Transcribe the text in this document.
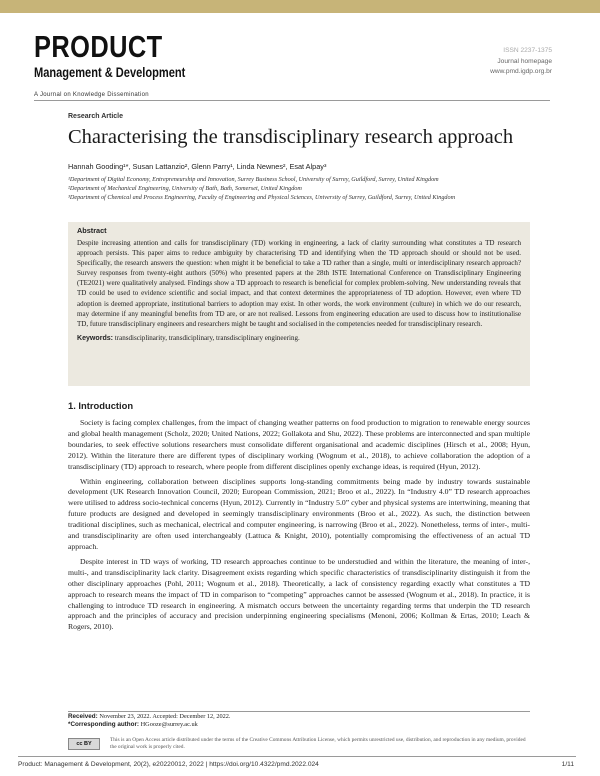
PRODUCT
Management & Development
A Journal on Knowledge Dissemination
ISSN 2237-1375
Journal homepage
www.pmd.igdp.org.br
Research Article
Characterising the transdisciplinary research approach
Hannah Gooding¹*, Susan Lattanzio², Glenn Parry¹, Linda Newnes², Esat Alpay³
¹Department of Digital Economy, Entrepreneurship and Innovation, Surrey Business School, University of Surrey, Guildford, Surrey, United Kingdom
²Department of Mechanical Engineering, University of Bath, Bath, Somerset, United Kingdom
³Department of Chemical and Process Engineering, Faculty of Engineering and Physical Sciences, University of Surrey, Guildford, Surrey, United Kingdom
Abstract
Despite increasing attention and calls for transdisciplinary (TD) working in engineering, a lack of clarity surrounding what constitutes a TD research approach persists. This paper aims to reduce ambiguity by characterising TD and identifying when the TD approach should or should not be used. Specifically, the research answers the question: when might it be beneficial to take a TD rather than a single, multi or interdisciplinary research approach? Survey responses from twenty-eight authors (50%) who presented papers at the 28th ISTE International Conference on Transdisciplinary Engineering (TE2021) were qualitatively analysed. Findings show a TD approach to research is beneficial for complex problem-solving. New understanding reveals that TD could be used to evidence scientific and social impact, and that context determines the appropriateness of TD adoption. However, even where TD adoption is deemed appropriate, institutional barriers to adoption may exist. In other words, the work environment (culture) in which we do our research, may determine if any meaningful benefits from TD are, or are not realised. Lessons from engineering education are used to discuss how to institutionalise TD, future transdisciplinary engineers and researchers might be taught and socialised in the competencies needed for transdisciplinary research.
Keywords: transdisciplinarity, transdiciplinary, transdisciplinary engineering.
1. Introduction

Society is facing complex challenges, from the impact of changing weather patterns on food production to migration to renewable energy sources and global health management (Scholz, 2020; United Nations, 2022; Gollakota and Shu, 2022). These problems are interconnected and span multiple boundaries, to seek effective solutions researchers must consolidate different organisational and academic disciplines (Hirsch et al., 2008; Hyun, 2012). Within the literature there are different types of disciplinary working (Wognum et al., 2018), to achieve collaboration the adoption of a transdisciplinary (TD) approach to research, where people from different disciplines openly exchange ideas, is required (Hyun, 2012).

Within engineering, collaboration between disciplines supports long-standing commitments being made by industry towards sustainable development (UK Research Innovation Council, 2020; European Commission, 2021; Broo et al., 2022). In “Industry 4.0” TD research approaches were utilised to address socio-technical concerns (Hyun, 2012). Currently in “Industry 5.0” cyber and physical systems are intertwining, meaning that future products are designed and developed in seemingly transdisciplinary environments (Broo et al., 2022). As such, the distinction between traditional disciplines, such as mechanical, electrical and computer engineering, is narrowing (Broo et al., 2022). Nonetheless, terms of inter-, multi- and transdisciplinarity are often used interchangeably (Lattuca & Knight, 2010), potentially compromising the effectiveness of an actual TD approach.

Despite interest in TD ways of working, TD research approaches continue to be understudied and within the literature, the meaning of inter-, multi-, and transdisciplinarity lack clarity. Disagreement exists regarding which specific characteristics of transdisciplinarity distinguish it from the other disciplinary approaches (Pohl, 2011; Wognum et al., 2018). Theoretically, a lack of consistency regarding exactly what constitutes a TD approach to research means the impact of TD in comparison to “competing” approaches cannot be assessed (Wognum et al., 2018). In practice, it is challenging to introduce TD research in engineering. A mismatch occurs between the uncertainty regarding terms that underpin the TD research approach and the principles of accuracy and precision underpinning engineering specialisms (Menoni, 2006; Kollman & Ertas, 2010; Leach & Rogers, 2010).

Received: November 23, 2022. Accepted: December 12, 2022.
*Corresponding author: HGooze@surrey.ac.uk
cc BY
This is an Open Access article distributed under the terms of the Creative Commons Attribution License, which permits unrestricted use, distribution, and reproduction in any medium, provided the original work is properly cited.
Product: Management & Development, 20(2), e20220012, 2022 | https://doi.org/10.4322/pmd.2022.024	1/11
